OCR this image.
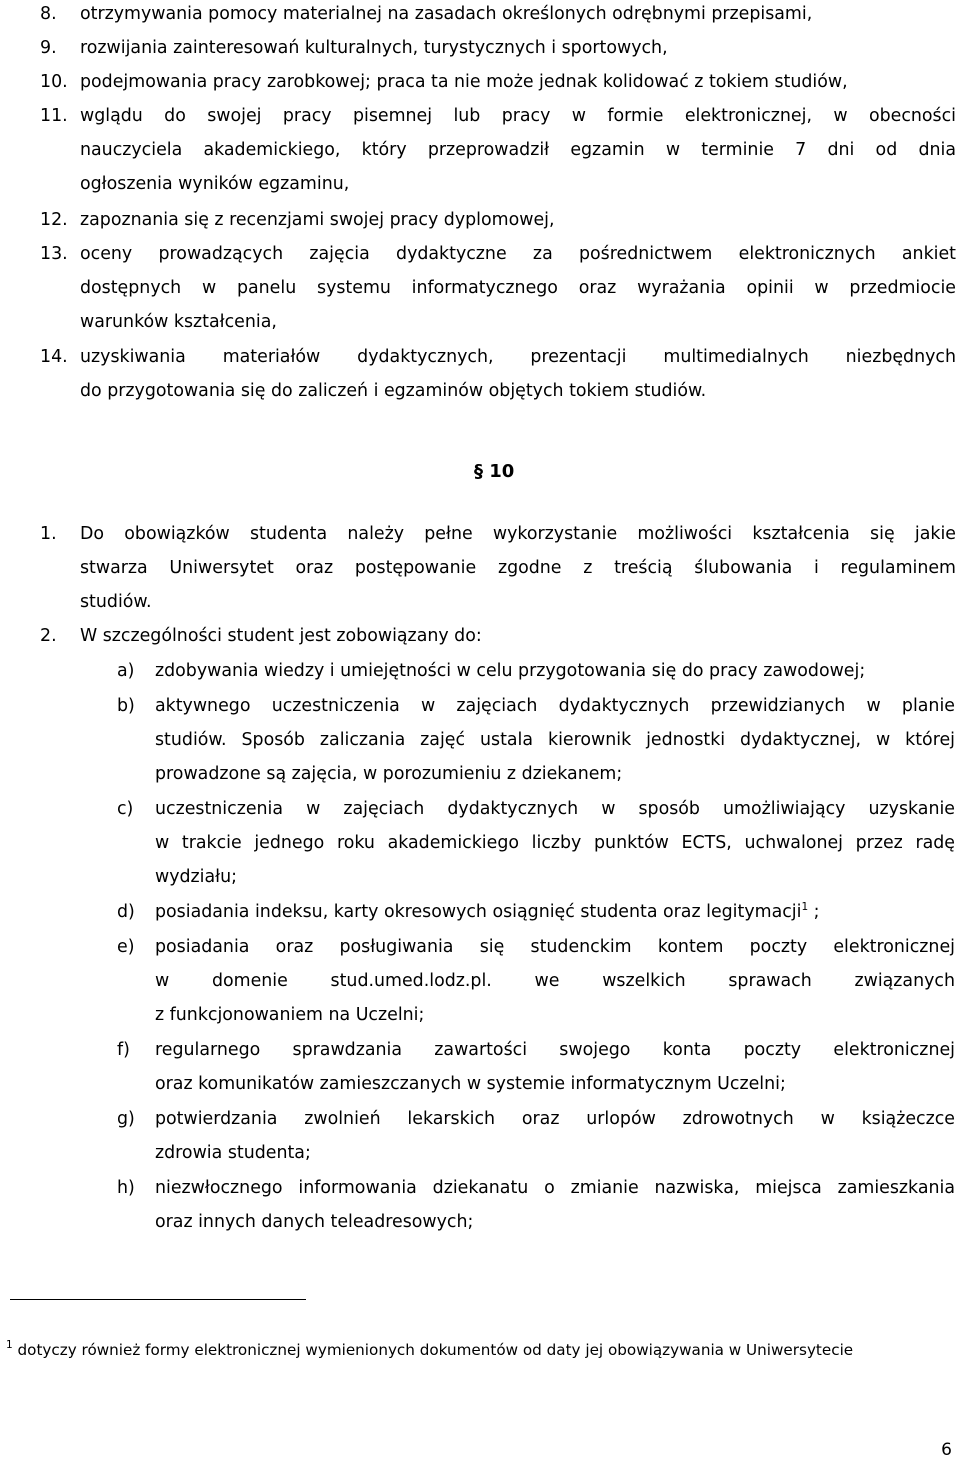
8. otrzymywania pomocy materialnej na zasadach określonych odrębnymi przepisami,
9. rozwijania zainteresowań kulturalnych, turystycznych i sportowych,
10. podejmowania pracy zarobkowej; praca ta nie może jednak kolidować z tokiem studiów,
11. wglądu do swojej pracy pisemnej lub pracy w formie elektronicznej, w obecności
nauczyciela akademickiego, który przeprowadził egzamin w terminie 7 dni od dnia
ogłoszenia wyników egzaminu,
12. zapoznania się z recenzjami swojej pracy dyplomowej,
13. oceny prowadzących zajęcia dydaktyczne za pośrednictwem elektronicznych ankiet
dostępnych w panelu systemu informatycznego oraz wyrażania opinii w przedmiocie
warunków kształcenia,
14. uzyskiwania materiałów dydaktycznych, prezentacji multimedialnych niezbędnych
do przygotowania się do zaliczeń i egzaminów objętych tokiem studiów.
§ 10
1. Do obowiązków studenta należy pełne wykorzystanie możliwości kształcenia się jakie
stwarza Uniwersytet oraz postępowanie zgodne z treścią ślubowania i regulaminem
studiów.
2. W szczególności student jest zobowiązany do:
a) zdobywania wiedzy i umiejętności w celu przygotowania się do pracy zawodowej;
b) aktywnego uczestniczenia w zajęciach dydaktycznych przewidzianych w planie
studiów. Sposób zaliczania zajęć ustala kierownik jednostki dydaktycznej, w której
prowadzone są zajęcia, w porozumieniu z dziekanem;
c) uczestniczenia w zajęciach dydaktycznych w sposób umożliwiający uzyskanie
w trakcie jednego roku akademickiego liczby punktów ECTS, uchwalonej przez radę
wydziału;
d) posiadania indeksu, karty okresowych osiągnięć studenta oraz legitymacji$^1$ ;
e) posiadania oraz posługiwania się studenckim kontem poczty elektronicznej
w domenie stud.umed.lodz.pl. we wszelkich sprawach związanych
z funkcjonowaniem na Uczelni;
f) regularnego sprawdzania zawartości swojego konta poczty elektronicznej
oraz komunikatów zamieszczanych w systemie informatycznym Uczelni;
g) potwierdzania zwolnień lekarskich oraz urlopów zdrowotnych w książeczce
zdrowia studenta;
h) niezwłocznego informowania dziekanatu o zmianie nazwiska, miejsca zamieszkania
oraz innych danych teleadresowych;
$^1$ dotyczy również formy elektronicznej wymienionych dokumentów od daty jej obowiązywania w Uniwersytecie
6
